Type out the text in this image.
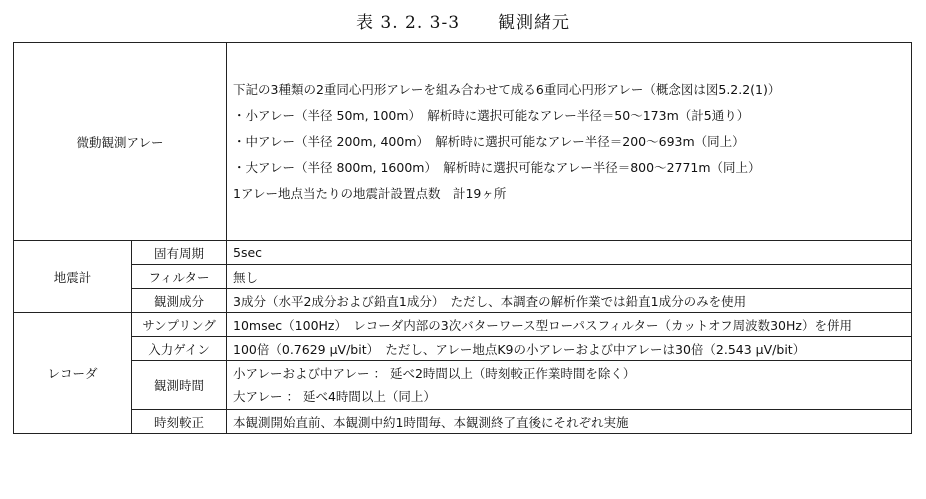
表 3. 2. 3-3 観測緒元
微動観測アレー		下記の3種類の2重同心円形アレーを組み合わせて成る6重同心円形アレー（概念図は図5.2.2(1)）
・小アレー（半径 50m, 100m）　解析時に選択可能なアレー半径＝50～173m（計5通り）
・中アレー（半径 200m, 400m）　解析時に選択可能なアレー半径＝200～693m（同上）
・大アレー（半径 800m, 1600m）　解析時に選択可能なアレー半径＝800～2771m（同上）
1アレー地点当たりの地震計設置点数　計19ヶ所

地震計	固有周期	5sec
	フィルター	無し
	観測成分	3成分（水平2成分および鉛直1成分）　ただし、本調査の解析作業では鉛直1成分のみを使用
レコーダ	サンプリング	10msec（100Hz）　レコーダ内部の3次バターワース型ローパスフィルター（カットオフ周波数30Hz）を併用
	入力ゲイン	100倍（0.7629 μV/bit）　ただし、アレー地点K9の小アレーおよび中アレーは30倍（2.543 μV/bit）
	観測時間	小アレーおよび中アレー ： 延べ2時間以上（時刻較正作業時間を除く）
大アレー ： 延べ4時間以上（同上）

	時刻較正	本観測開始直前、本観測中約1時間毎、本観測終了直後にそれぞれ実施
